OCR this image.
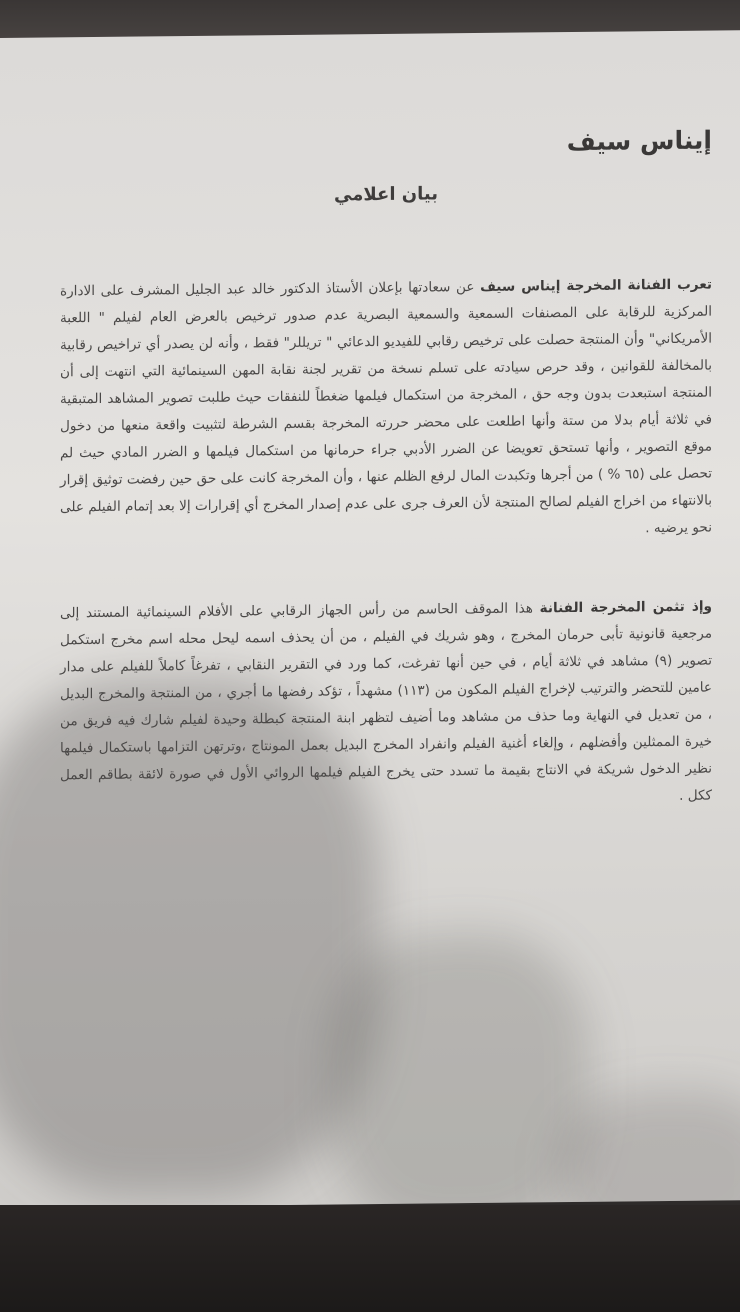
إيناس سيف
بيان اعلامي

تعرب الفنانة المخرجة إيناس سيف عن سعادتها بإعلان الأستاذ الدكتور خالد عبد الجليل المشرف على الادارة المركزية للرقابة على المصنفات السمعية والسمعية البصرية عدم صدور ترخيص بالعرض العام لفيلم " اللعبة الأمريكاني" وأن المنتجة حصلت على ترخيص رقابي للفيديو الدعائي " تريللر" فقط ، وأنه لن يصدر أي تراخيص رقابية بالمخالفة للقوانين ، وقد حرص سيادته على تسلم نسخة من تقرير لجنة نقابة المهن السينمائية التي انتهت إلى أن المنتجة استبعدت بدون وجه حق ، المخرجة من استكمال فيلمها ضغطاً للنفقات حيث طلبت تصوير المشاهد المتبقية في ثلاثة أيام بدلا من ستة وأنها اطلعت على محضر حررته المخرجة بقسم الشرطة لتثبيت واقعة منعها من دخول موقع التصوير ، وأنها تستحق تعويضا عن الضرر الأدبي جراء حرمانها من استكمال فيلمها و الضرر المادي حيث لم تحصل على (٦٥ % ) من أجرها وتكبدت المال لرفع الظلم عنها ، وأن المخرجة كانت على حق حين رفضت توثيق إقرار بالانتهاء من اخراج الفيلم لصالح المنتجة لأن العرف جرى على عدم إصدار المخرج أي إقرارات إلا بعد إتمام الفيلم على نحو يرضيه .

وإذ تثمن المخرجة الفنانة هذا الموقف الحاسم من رأس الجهاز الرقابي على الأفلام السينمائية المستند إلى مرجعية قانونية تأبى حرمان المخرج ، وهو شريك في الفيلم ، من أن يحذف اسمه ليحل محله اسم مخرج استكمل تصوير (٩) مشاهد في ثلاثة أيام ، في حين أنها تفرغت، كما ورد في التقرير النقابي ، تفرغاً كاملاً للفيلم على مدار عامين للتحضر والترتيب لإخراج الفيلم المكون من (١١٣) مشهداً ، تؤكد رفضها ما أجري ، من المنتجة والمخرج البديل ، من تعديل في النهاية وما حذف من مشاهد وما أضيف لتظهر ابنة المنتجة كبطلة وحيدة لفيلم شارك فيه فريق من خيرة الممثلين وأفضلهم ، وإلغاء أغنية الفيلم وانفراد المخرج البديل بعمل المونتاج ،وترتهن التزامها باستكمال فيلمها نظير الدخول شريكة في الانتاج بقيمة ما تسدد حتى يخرج الفيلم فيلمها الروائي الأول في صورة لائقة بطاقم العمل ككل .
